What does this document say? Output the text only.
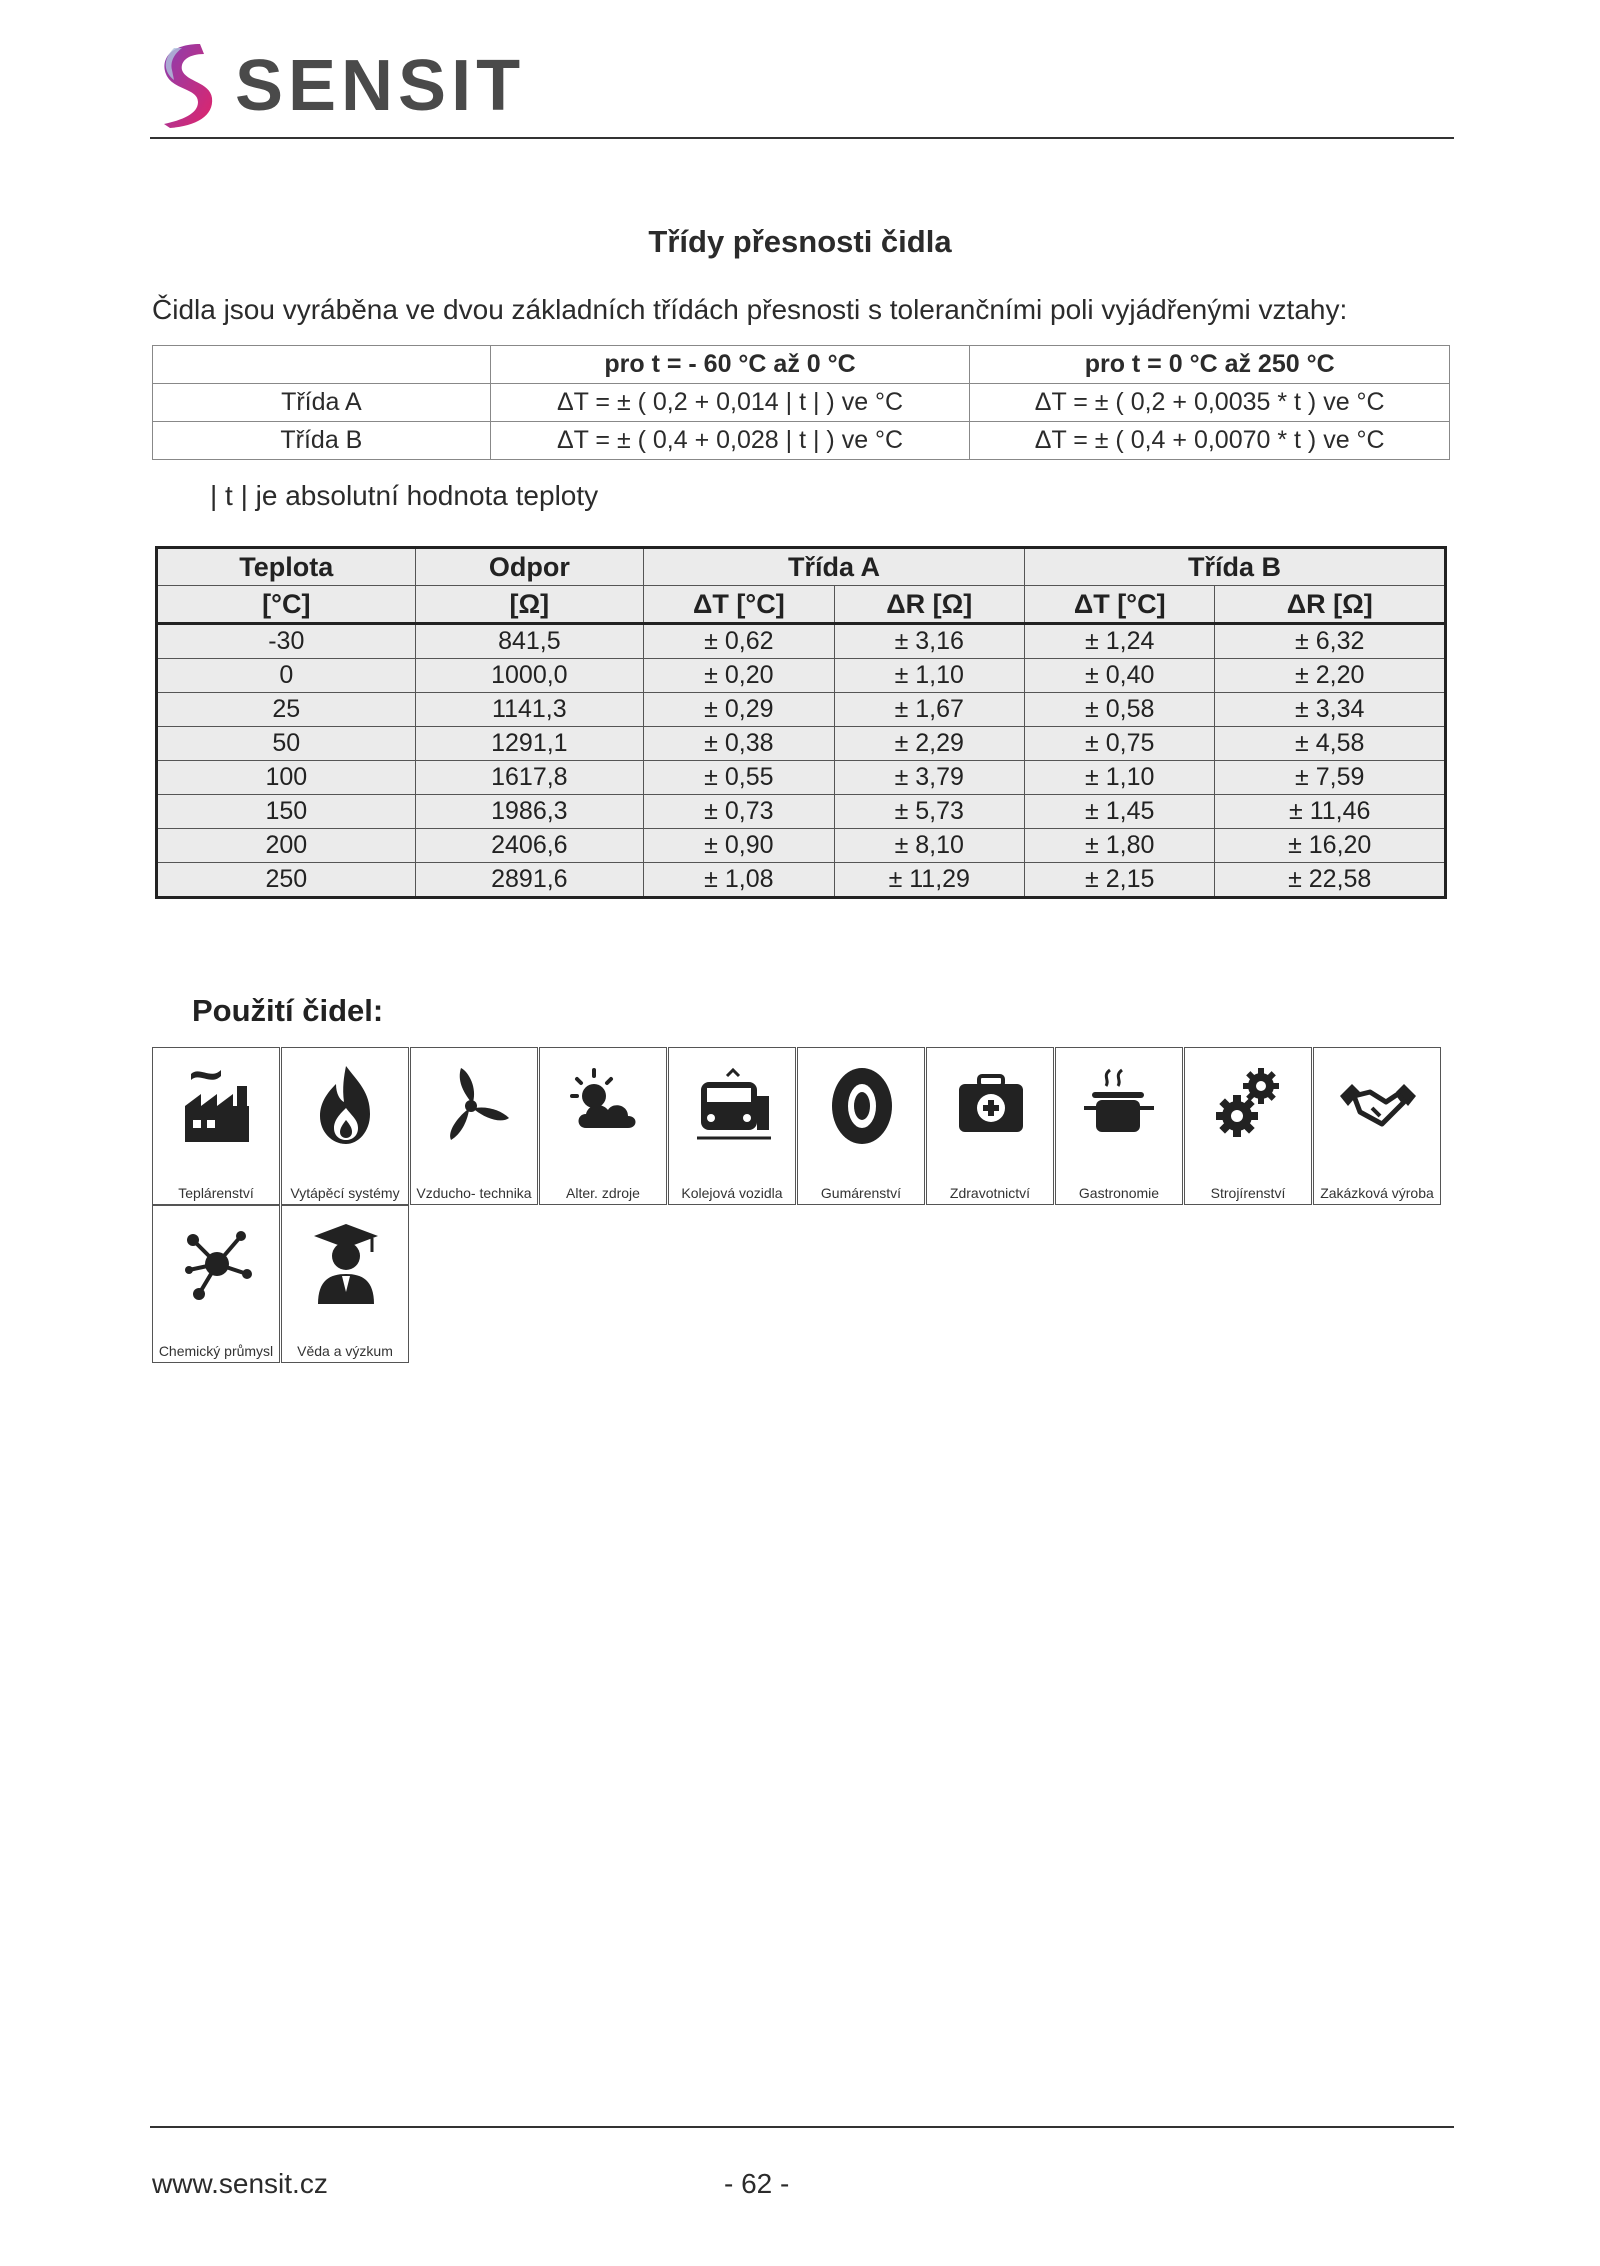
SENSIT
Třídy přesnosti čidla
Čidla jsou vyráběna ve dvou základních třídách přesnosti s tolerančními poli vyjádřenými vztahy:
	pro t = - 60 °C až 0 °C	pro t = 0 °C až 250 °C
Třída A	ΔT = ± ( 0,2 + 0,014 | t | ) ve °C	ΔT = ± ( 0,2 + 0,0035 * t ) ve °C
Třída B	ΔT = ± ( 0,4 + 0,028 | t | ) ve °C	ΔT = ± ( 0,4 + 0,0070 * t ) ve °C
| t | je absolutní hodnota teploty
Teplota	Odpor	Třída A		Třída B	
[°C]	[Ω]	ΔT [°C]	ΔR [Ω]	ΔT [°C]	ΔR [Ω]
-30	841,5	± 0,62	± 3,16	± 1,24	± 6,32
0	1000,0	± 0,20	± 1,10	± 0,40	± 2,20
25	1141,3	± 0,29	± 1,67	± 0,58	± 3,34
50	1291,1	± 0,38	± 2,29	± 0,75	± 4,58
100	1617,8	± 0,55	± 3,79	± 1,10	± 7,59
150	1986,3	± 0,73	± 5,73	± 1,45	± 11,46
200	2406,6	± 0,90	± 8,10	± 1,80	± 16,20
250	2891,6	± 1,08	± 11,29	± 2,15	± 22,58
Použití čidel:
Teplárenství	Vytápěcí systémy	Vzducho- technika	Alter. zdroje	Kolejová vozidla	Gumárenství	Zdravotnictví	Gastronomie	Strojírenství	Zakázková výroba
Chemický průmysl	Věda a výzkum
www.sensit.cz	- 62 -
